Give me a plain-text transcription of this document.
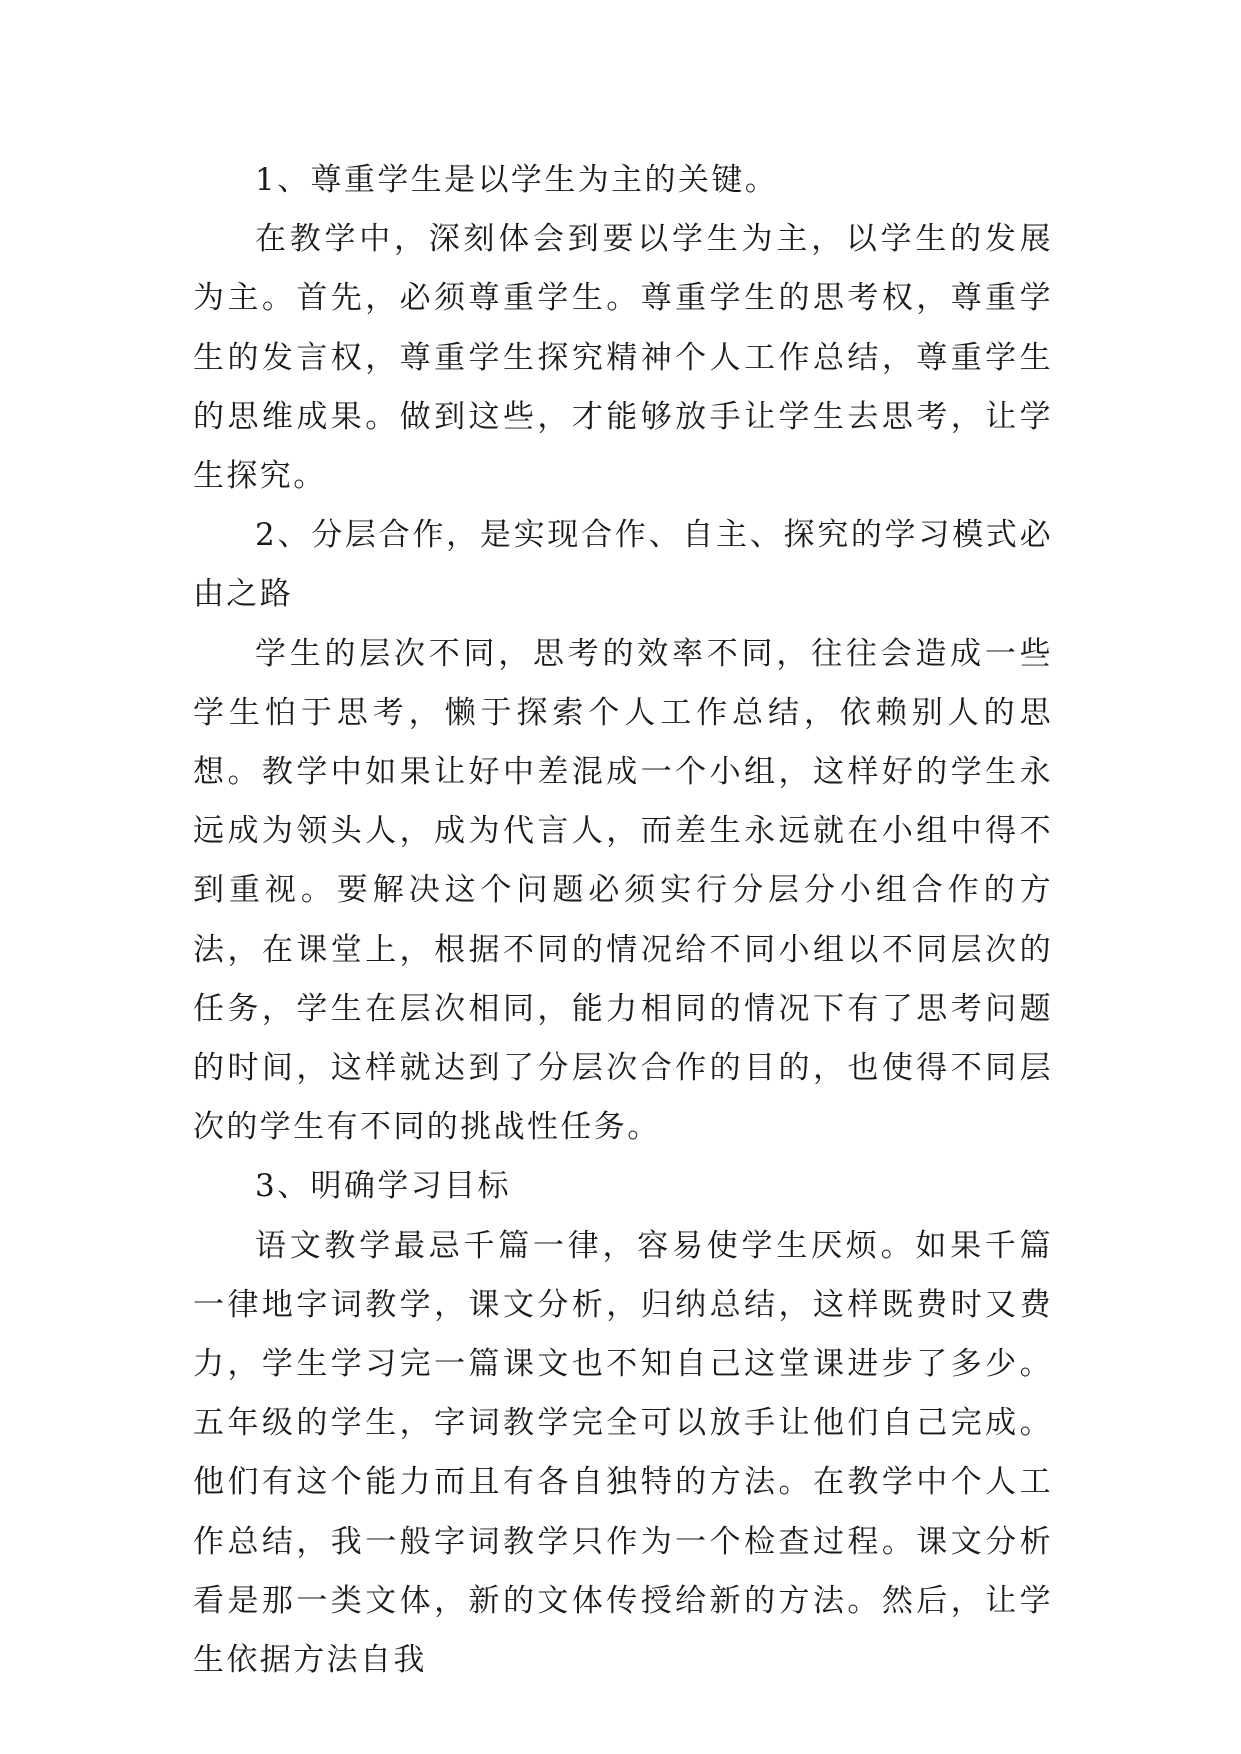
1、尊重学生是以学生为主的关键。

在教学中，深刻体会到要以学生为主，以学生的发展为主。首先，必须尊重学生。尊重学生的思考权，尊重学生的发言权，尊重学生探究精神个人工作总结，尊重学生的思维成果。做到这些，才能够放手让学生去思考，让学生探究。

2、分层合作，是实现合作、自主、探究的学习模式必由之路

学生的层次不同，思考的效率不同，往往会造成一些学生怕于思考，懒于探索个人工作总结，依赖别人的思想。教学中如果让好中差混成一个小组，这样好的学生永远成为领头人，成为代言人，而差生永远就在小组中得不到重视。要解决这个问题必须实行分层分小组合作的方法，在课堂上，根据不同的情况给不同小组以不同层次的任务，学生在层次相同，能力相同的情况下有了思考问题的时间，这样就达到了分层次合作的目的，也使得不同层次的学生有不同的挑战性任务。

3、明确学习目标

语文教学最忌千篇一律，容易使学生厌烦。如果千篇一律地字词教学，课文分析，归纳总结，这样既费时又费力，学生学习完一篇课文也不知自己这堂课进步了多少。五年级的学生，字词教学完全可以放手让他们自己完成。他们有这个能力而且有各自独特的方法。在教学中个人工作总结，我一般字词教学只作为一个检查过程。课文分析看是那一类文体，新的文体传授给新的方法。然后，让学生依据方法自我
